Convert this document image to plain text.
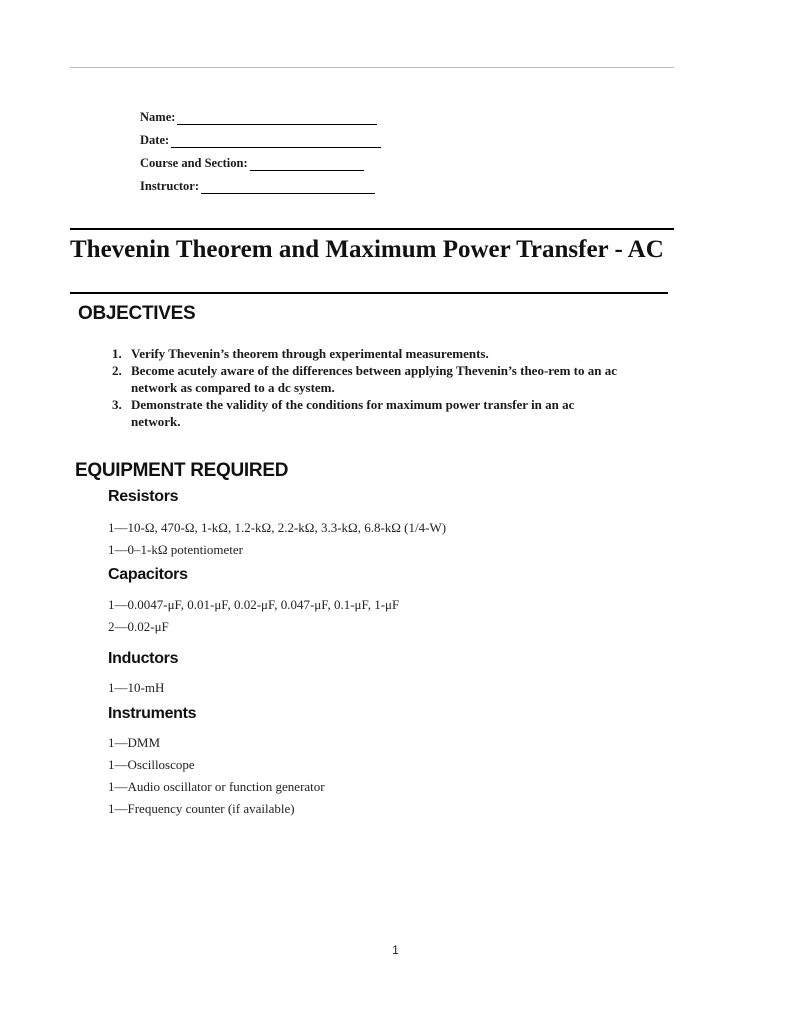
Name:
Date:
Course and Section:
Instructor:
Thevenin Theorem and Maximum Power Transfer - AC
OBJECTIVES
1. Verify Thevenin’s theorem through experimental measurements.
2. Become acutely aware of the differences between applying Thevenin’s theo-rem to an ac network as compared to a dc system.
3. Demonstrate the validity of the conditions for maximum power transfer in an ac network.
EQUIPMENT REQUIRED
Resistors
1—10-Ω, 470-Ω, 1-kΩ, 1.2-kΩ, 2.2-kΩ, 3.3-kΩ, 6.8-kΩ (1/4-W)
1—0–1-kΩ potentiometer
Capacitors
1—0.0047-μF, 0.01-μF, 0.02-μF, 0.047-μF, 0.1-μF, 1-μF
2—0.02-μF
Inductors
1—10-mH
Instruments
1—DMM
1—Oscilloscope
1—Audio oscillator or function generator
1—Frequency counter (if available)
1
